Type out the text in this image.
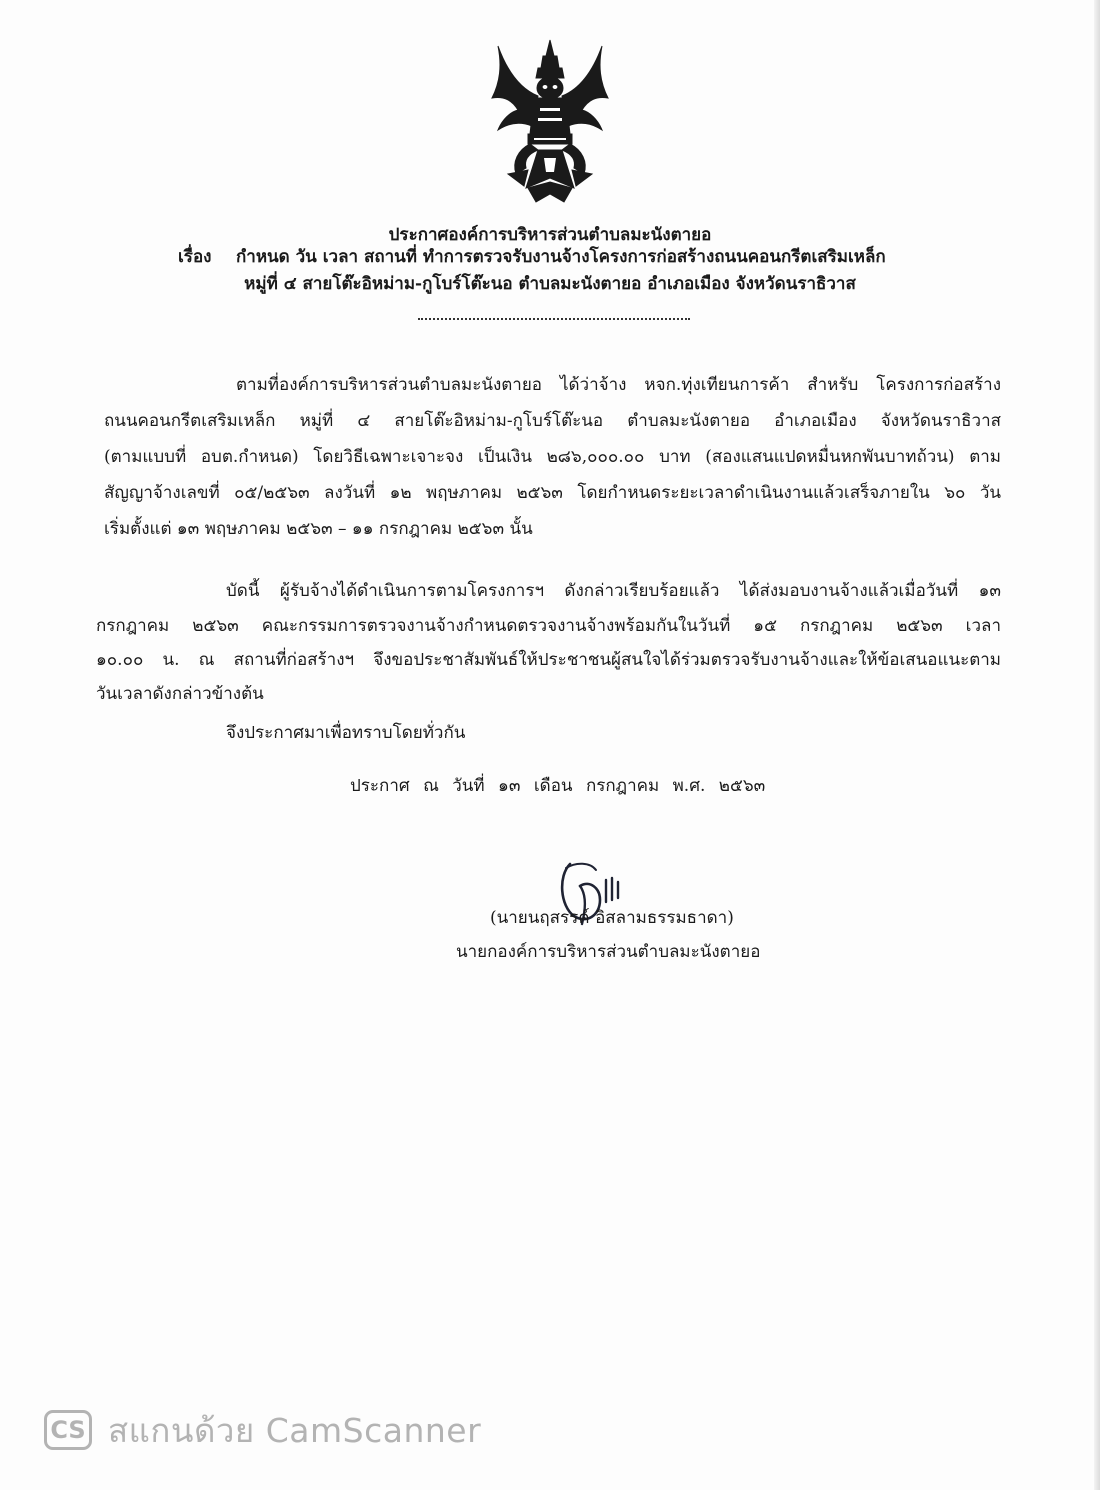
ประกาศองค์การบริหารส่วนตำบลมะนังตายอ
เรื่อง กำหนด วัน เวลา สถานที่ ทำการตรวจรับงานจ้างโครงการก่อสร้างถนนคอนกรีตเสริมเหล็ก
หมู่ที่ ๔ สายโต๊ะอิหม่าม-กูโบร์โต๊ะนอ ตำบลมะนังตายอ อำเภอเมือง จังหวัดนราธิวาส
ตามที่องค์การบริหารส่วนตำบลมะนังตายอ ได้ว่าจ้าง หจก.ทุ่งเทียนการค้า สำหรับ โครงการก่อสร้าง
ถนนคอนกรีตเสริมเหล็ก หมู่ที่ ๔ สายโต๊ะอิหม่าม-กูโบร์โต๊ะนอ ตำบลมะนังตายอ อำเภอเมือง จังหวัดนราธิวาส
(ตามแบบที่ อบต.กำหนด) โดยวิธีเฉพาะเจาะจง เป็นเงิน ๒๘๖,๐๐๐.๐๐ บาท (สองแสนแปดหมื่นหกพันบาทถ้วน) ตาม
สัญญาจ้างเลขที่ ๐๕/๒๕๖๓ ลงวันที่ ๑๒ พฤษภาคม ๒๕๖๓ โดยกำหนดระยะเวลาดำเนินงานแล้วเสร็จภายใน ๖๐ วัน
เริ่มตั้งแต่ ๑๓ พฤษภาคม ๒๕๖๓ – ๑๑ กรกฎาคม ๒๕๖๓ นั้น
บัดนี้ ผู้รับจ้างได้ดำเนินการตามโครงการฯ ดังกล่าวเรียบร้อยแล้ว ได้ส่งมอบงานจ้างแล้วเมื่อวันที่ ๑๓
กรกฎาคม ๒๕๖๓ คณะกรรมการตรวจงานจ้างกำหนดตรวจงานจ้างพร้อมกันในวันที่ ๑๕ กรกฎาคม ๒๕๖๓ เวลา
๑๐.๐๐ น. ณ สถานที่ก่อสร้างฯ จึงขอประชาสัมพันธ์ให้ประชาชนผู้สนใจได้ร่วมตรวจรับงานจ้างและให้ข้อเสนอแนะตาม
วันเวลาดังกล่าวข้างต้น
จึงประกาศมาเพื่อทราบโดยทั่วกัน
ประกาศ ณ วันที่ ๑๓ เดือน กรกฎาคม พ.ศ. ๒๕๖๓
(นายนฤสรรค์ อิสลามธรรมธาดา)
นายกองค์การบริหารส่วนตำบลมะนังตายอ
CS สแกนด้วย CamScanner
